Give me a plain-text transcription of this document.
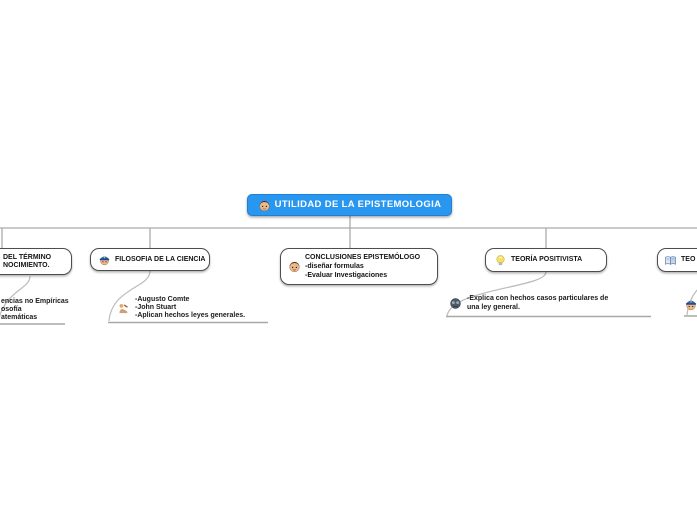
UTILIDAD DE LA EPISTEMOLOGIA
DEL TÉRMINO
NOCIMIENTO.
encias no Empíricas
osofía
atemáticas
FILOSOFIA DE LA CIENCIA
-Augusto Comte
-John Stuart
-Aplican hechos leyes generales.
CONCLUSIONES EPISTEMÓLOGO
-diseñar formulas
-Evaluar Investigaciones
TEORÍA POSITIVISTA
-Explica con hechos casos particulares de
una ley general.
TEO
